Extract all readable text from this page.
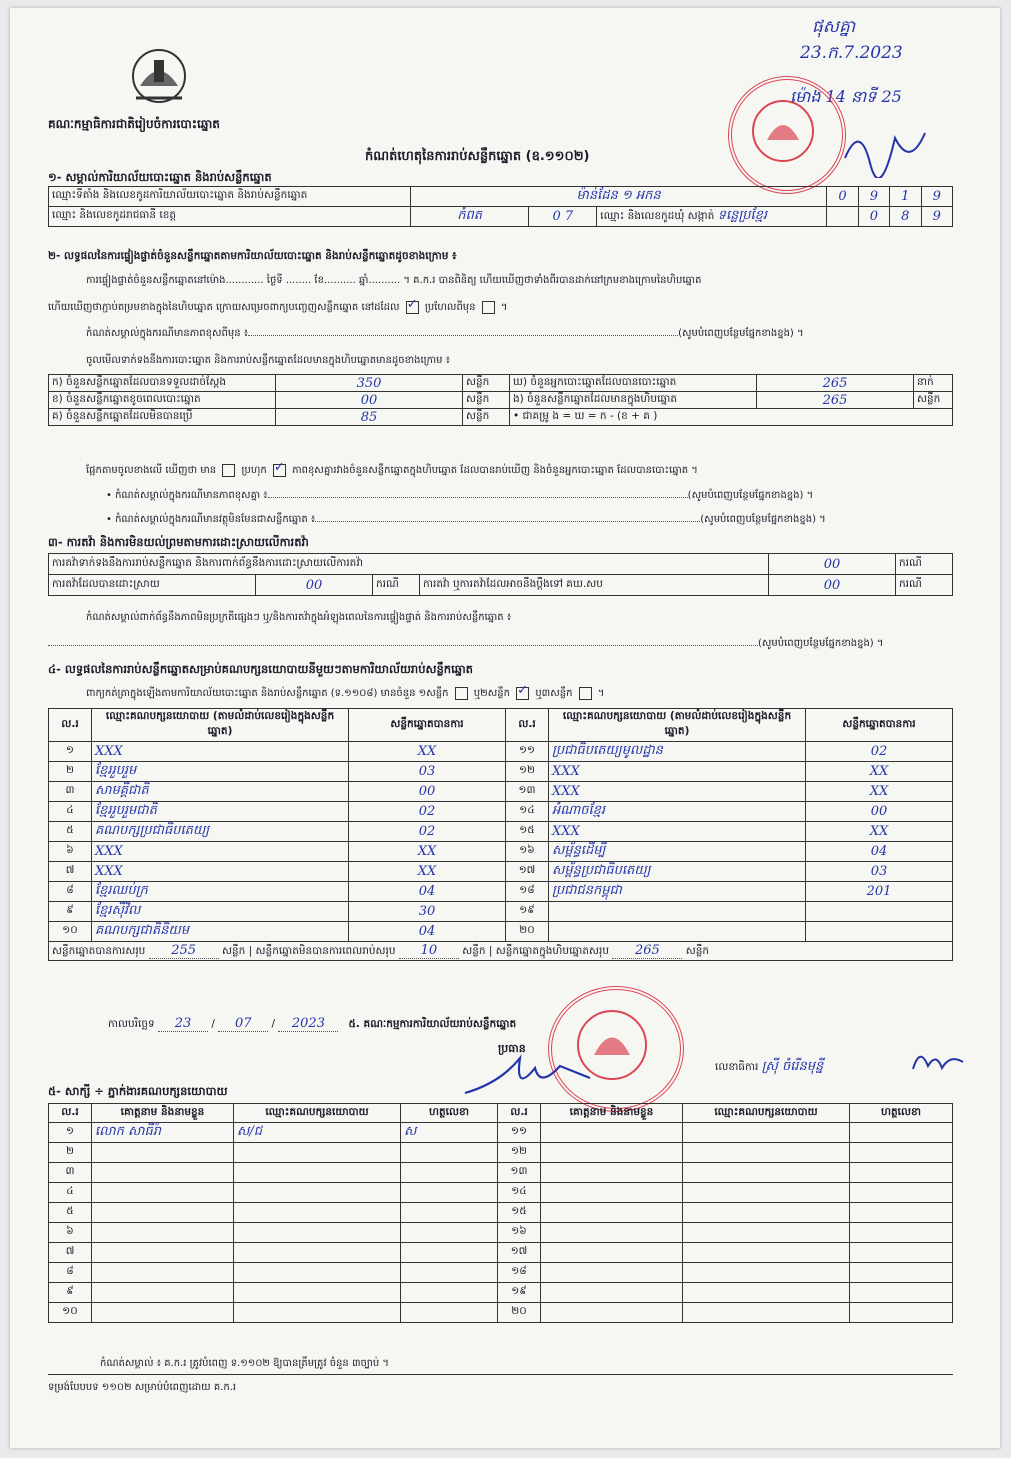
គណៈកម្មាធិការជាតិរៀបចំការបោះឆ្នោត
កំណត់ហេតុនៃការរាប់សន្លឹកឆ្នោត (ឧ.១១០២)
ផុសគ្នា
23.ក.7.2023
ម៉ោង 14 នាទី 25
១- សម្គាល់ការិយាល័យបោះឆ្នោត និងរាប់សន្លឹកឆ្នោត
ឈ្មោះទីតាំង និងលេខកូដការិយាល័យបោះឆ្នោត និងរាប់សន្លឹកឆ្នោត	ម៉ាន់ដែន ១ អកន			0	9	1	9
ឈ្មោះ និងលេខកូដរាជធានី ខេត្ត	កំពត	0 7	ឈ្មោះ និងលេខកូដឃុំ សង្កាត់ ទន្លេប្រខ្មែរ		0	8	9
២- លទ្ធផលនៃការផ្ទៀងផ្ទាត់ចំនួនសន្លឹកឆ្នោតតាមការិយាល័យបោះឆ្នោត និងរាប់សន្លឹកឆ្នោតដូចខាងក្រោម ៖
ការផ្ទៀងផ្ទាត់ចំនួនសន្លឹកឆ្នោតនៅម៉ោង............ ថ្ងៃទី ........ ខែ.......... ឆ្នាំ.......... ។ គ.ក.រ បានពិនិត្យ ហើយឃើញថាទាំងពីរបានដាក់នៅក្រមខាងក្រោមនៃហិបឆ្នោត
ហើយឃើញថាភ្ជាប់តម្រមខាងក្នុងនៃហិបឆ្នោត ក្រោយសម្រេចពាក្យបញ្ចេញសន្លឹកឆ្នោត នៅដដែល ✓	ប្រហែលពីមុន  ។
កំណត់សម្គាល់ក្នុងករណីមានភាពខុសពីមុន ៖	(សូមបំពេញបន្ថែមផ្នែកខាងខ្នង) ។
ចូលមើលទាក់ទងនឹងការបោះឆ្នោត និងការរាប់សន្លឹកឆ្នោតដែលមានក្នុងហិបឆ្នោតមានដូចខាងក្រោម ៖
ក) ចំនួនសន្លឹកឆ្នោតដែលបានទទួលដាច់ស្តែង	350	សន្លឹក	ឃ) ចំនួនអ្នកបោះឆ្នោតដែលបានបោះឆ្នោត	265	នាក់
ខ) ចំនួនសន្លឹកឆ្នោតខូចពេលបោះឆ្នោត	00	សន្លឹក	ង) ចំនួនសន្លឹកឆ្នោតដែលមានក្នុងហិបឆ្នោត	265	សន្លឹក
គ) ចំនួនសន្លឹកឆ្នោតដែលមិនបានប្រើ	85	សន្លឹក	• ជាគម្រូ ង = ឃ = ក - (ខ + គ )		
ផ្អែកតាមចូលខាងលើ ឃើញថា មាន	ប្រហុក ✓	ភាពខុសគ្នារវាងចំនួនសន្លឹកឆ្នោតក្នុងហិបឆ្នោត ដែលបានរាប់ឃើញ និងចំនួនអ្នកបោះឆ្នោត ដែលបានបោះឆ្នោត ។
• កំណត់សម្គាល់ក្នុងករណីមានភាពខុសគ្នា ៖	(សូមបំពេញបន្ថែមផ្នែកខាងខ្នង) ។
• កំណត់សម្គាល់ក្នុងករណីមានវត្ថុមិនមែនជាសន្លឹកឆ្នោត ៖	(សូមបំពេញបន្ថែមផ្នែកខាងខ្នង) ។
៣- ការតវ៉ា និងការមិនយល់ព្រមតាមការដោះស្រាយលើការតវ៉ា
ការតវ៉ាទាក់ទងនឹងការរាប់សន្លឹកឆ្នោត និងការពាក់ព័ន្ធនឹងការដោះស្រាយលើការតវ៉ា				00	ករណី
ការតវ៉ាដែលបានដោះស្រាយ	00	ករណី	ការតវ៉ា ឬការតវ៉ាដែលអាចនឹងប្តឹងទៅ គឃ.សប	00	ករណី
កំណត់សម្គាល់ពាក់ព័ន្ធនឹងភាពមិនប្រក្រតីផ្សេងៗ ឬ/និងការតវ៉ាក្នុងអំឡុងពេលនៃការផ្ទៀងផ្ទាត់ និងការរាប់សន្លឹកឆ្នោត ៖
(សូមបំពេញបន្ថែមផ្នែកខាងខ្នង) ។
៤- លទ្ធផលនៃការរាប់សន្លឹកឆ្នោតសម្រាប់គណបក្សនយោបាយនីមួយៗតាមការិយាល័យរាប់សន្លឹកឆ្នោត
ពាក្យកត់ត្រាក្នុងឡើងតាមការិយាល័យបោះឆ្នោត និងរាប់សន្លឹកឆ្នោត (ទ.១១០៨) មានចំនួន ១សន្លឹក	ឬ២សន្លឹក ✓	ឬ៣សន្លឹក  ។
ល.រ	ឈ្មោះគណបក្សនយោបាយ (តាមលំដាប់លេខរៀងក្នុងសន្លឹកឆ្នោត)	សន្លឹកឆ្នោតបានការ	ល.រ	ឈ្មោះគណបក្សនយោបាយ (តាមលំដាប់លេខរៀងក្នុងសន្លឹកឆ្នោត)	សន្លឹកឆ្នោតបានការ
១	XXX	XX	១១	ប្រជាធិបតេយ្យមូលដ្ឋាន	02
២	ខ្មែររួបរួម	03	១២	XXX	XX
៣	សាមគ្គីជាតិ	00	១៣	XXX	XX
៤	ខ្មែររួបរួមជាតិ	02	១៤	អំណាចខ្មែរ	00
៥	គណបក្សប្រជាធិបតេយ្យ	02	១៥	XXX	XX
៦	XXX	XX	១៦	សម្ព័ន្ធដើម្បី	04
៧	XXX	XX	១៧	សម្ព័ន្ធប្រជាធិបតេយ្យ	03
៨	ខ្មែរឈប់ក្រ	04	១៨	ប្រជាជនកម្ពុជា	201
៩	ខ្មែរស៊ីវិល	30	១៩		
១០	គណបក្សជាតិនិយម	04	២០		
សន្លឹកឆ្នោតបានការសរុប 255 សន្លឹក | សន្លឹកឆ្នោតមិនបានការពេលរាប់សរុប 10 សន្លឹក | សន្លឹកឆ្នោតក្នុងហិបឆ្នោតសរុប 265 សន្លឹក					
កាលបរិច្ឆេទ 23 / 07 / 2023 ៥. គណៈកម្មការការិយាល័យរាប់សន្លឹកឆ្នោត
ប្រធាន
លេខាធិការ ស្រ៊ី ចំរើនមុន្នី
៥- សាក្សី ÷ ភ្នាក់ងារគណបក្សនយោបាយ
ល.រ	គោត្តនាម និងនាមខ្លួន	ឈ្មោះគណបក្សនយោបាយ	ហត្ថលេខា	ល.រ	គោត្តនាម និងនាមខ្លួន	ឈ្មោះគណបក្សនយោបាយ	ហត្ថលេខា
១	លោក សាធីរ៉ា	ស/ជ	ស	១១			
២				១២			
៣				១៣			
៤				១៤			
៥				១៥			
៦				១៦			
៧				១៧			
៨				១៨			
៩				១៩			
១០				២០			
កំណត់សម្គាល់ ៖ គ.ក.រ ត្រូវបំពេញ ទ.១១០២ ឱ្យបានត្រឹមត្រូវ ចំនួន ៣ច្បាប់ ។
ទម្រង់បែបបទ ១១០២ សម្រាប់បំពេញដោយ គ.ក.រ
